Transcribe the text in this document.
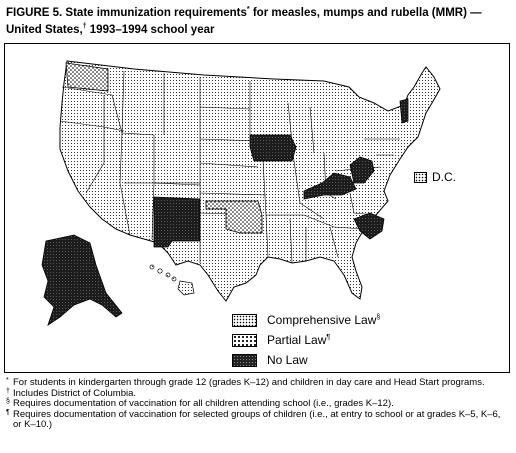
FIGURE 5. State immunization requirements* for measles, mumps and rubella (MMR) — United States,† 1993–1994 school year
D.C.
Comprehensive Law§
Partial Law¶
No Law
* For students in kindergarten through grade 12 (grades K–12) and children in day care and Head Start programs.
† Includes District of Columbia.
§ Requires documentation of vaccination for all children attending school (i.e., grades K–12).
¶ Requires documentation of vaccination for selected groups of children (i.e., at entry to school or at grades K–5, K–6, or K–10.)
